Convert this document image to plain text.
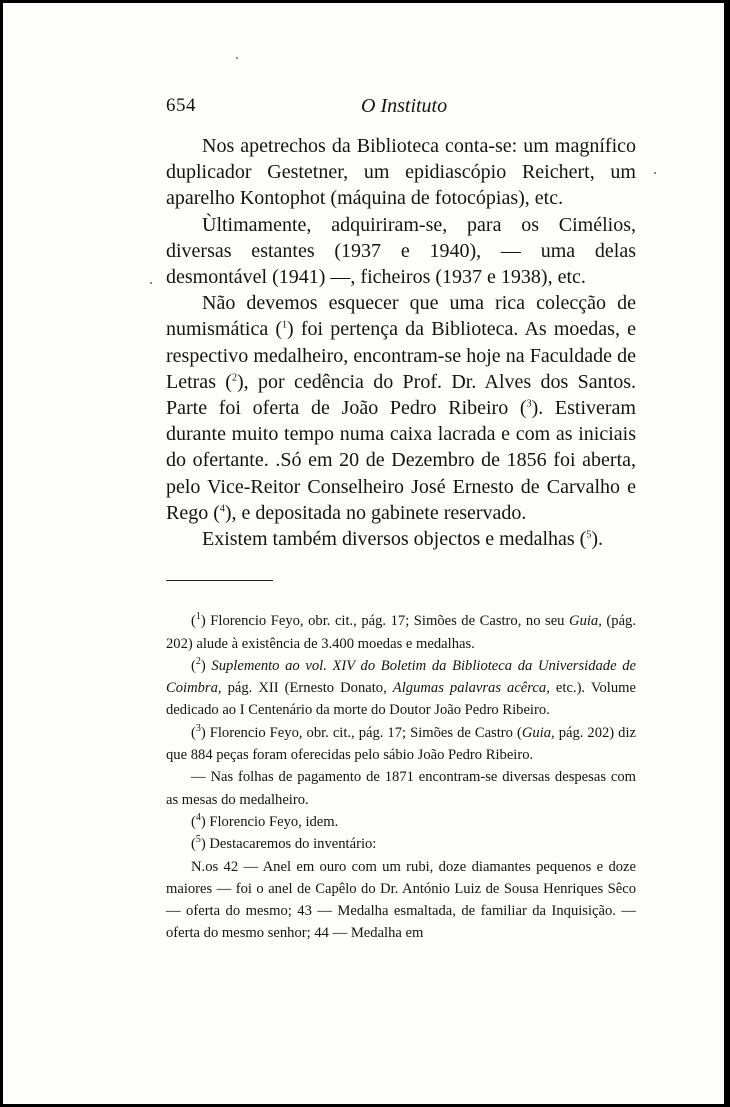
654	O Instituto

Nos apetrechos da Biblioteca conta-se: um magnífico duplicador Gestetner, um epidiascópio Reichert, um aparelho Kontophot (máquina de fotocópias), etc.

Ùltimamente, adquiriram-se, para os Cimélios, diversas estantes (1937 e 1940), — uma delas desmontável (1941) —, ficheiros (1937 e 1938), etc.

Não devemos esquecer que uma rica colecção de numismática ($^1$) foi pertença da Biblioteca. As moedas, e respectivo medalheiro, encontram-se hoje na Faculdade de Letras ($^2$), por cedência do Prof. Dr. Alves dos Santos. Parte foi oferta de João Pedro Ribeiro ($^3$). Estiveram durante muito tempo numa caixa lacrada e com as iniciais do ofertante. .Só em 20 de Dezembro de 1856 foi aberta, pelo Vice-Reitor Conselheiro José Ernesto de Carvalho e Rego ($^4$), e depositada no gabinete reservado.

Existem também diversos objectos e medalhas ($^5$).

($^1$) Florencio Feyo, obr. cit., pág. 17; Simões de Castro, no seu Guia, (pág. 202) alude à existência de 3.400 moedas e medalhas.

($^2$) Suplemento ao vol. XIV do Boletim da Biblioteca da Universidade de Coimbra, pág. XII (Ernesto Donato, Algumas palavras acêrca, etc.). Volume dedicado ao I Centenário da morte do Doutor João Pedro Ribeiro.

($^3$) Florencio Feyo, obr. cit., pág. 17; Simões de Castro (Guia, pág. 202) diz que 884 peças foram oferecidas pelo sábio João Pedro Ribeiro.

— Nas folhas de pagamento de 1871 encontram-se diversas despesas com as mesas do medalheiro.

($^4$) Florencio Feyo, idem.

($^5$) Destacaremos do inventário:

N.os 42 — Anel em ouro com um rubi, doze diamantes pequenos e doze maiores — foi o anel de Capêlo do Dr. António Luiz de Sousa Henriques Sêco — oferta do mesmo; 43 — Medalha esmaltada, de familiar da Inquisição. — oferta do mesmo senhor; 44 — Medalha em
